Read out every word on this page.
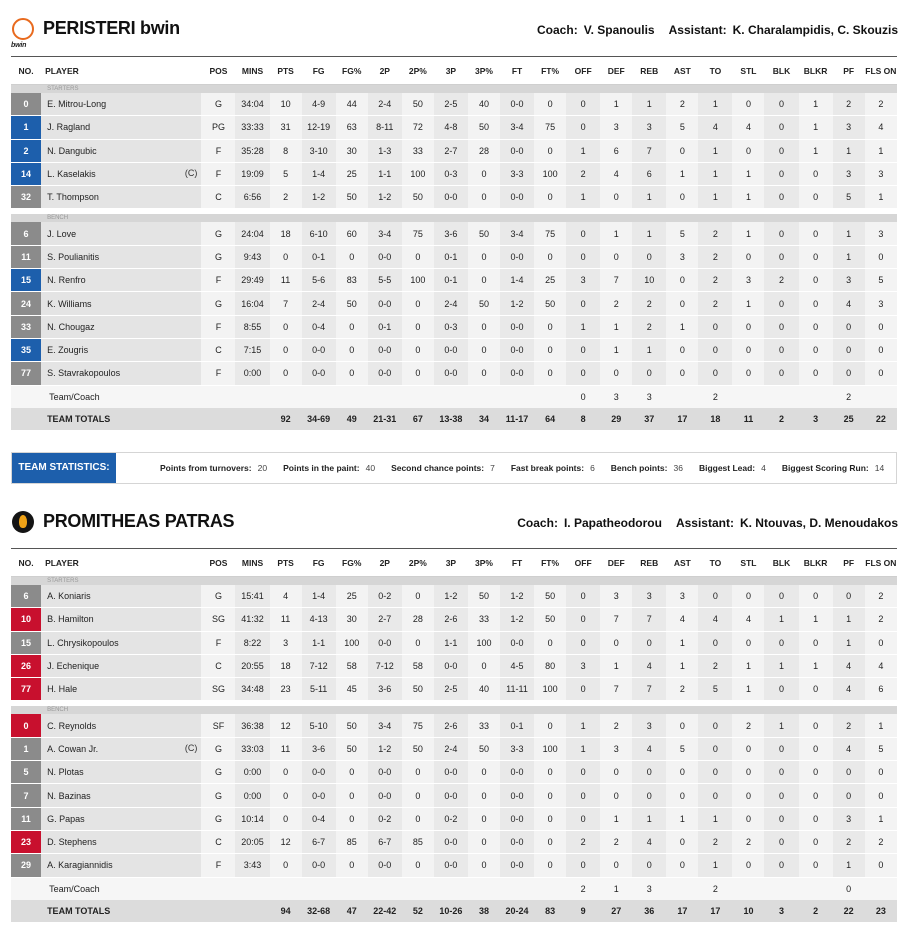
bwin
PERISTERI bwin	Coach: V. Spanoulis Assistant: K. Charalampidis, C. Skouzis
NO.	PLAYER	POS	MINS	PTS	FG	FG%	2P	2P%	3P	3P%	FT	FT%	OFF	DEF	REB	AST	TO	STL	BLK	BLKR	PF	FLS ON
	STARTERS																					

0	E. Mitrou-Long	G	34:04	10	4-9	44	2-4	50	2-5	40	0-0	0	0	1	1	2	1	0	0	1	2	2

1	J. Ragland	PG	33:33	31	12-19	63	8-11	72	4-8	50	3-4	75	0	3	3	5	4	4	0	1	3	4

2	N. Dangubic	F	35:28	8	3-10	30	1-3	33	2-7	28	0-0	0	1	6	7	0	1	0	0	1	1	1

14	L. Kaselakis (C)	F	19:09	5	1-4	25	1-1	100	0-3	0	3-3	100	2	4	6	1	1	1	0	0	3	3

32	T. Thompson	C	6:56	2	1-2	50	1-2	50	0-0	0	0-0	0	1	0	1	0	1	1	0	0	5	1

	BENCH																					

6	J. Love	G	24:04	18	6-10	60	3-4	75	3-6	50	3-4	75	0	1	1	5	2	1	0	0	1	3

11	S. Poulianitis	G	9:43	0	0-1	0	0-0	0	0-1	0	0-0	0	0	0	0	3	2	0	0	0	1	0

15	N. Renfro	F	29:49	11	5-6	83	5-5	100	0-1	0	1-4	25	3	7	10	0	2	3	2	0	3	5

24	K. Williams	G	16:04	7	2-4	50	0-0	0	2-4	50	1-2	50	0	2	2	0	2	1	0	0	4	3

33	N. Chougaz	F	8:55	0	0-4	0	0-1	0	0-3	0	0-0	0	1	1	2	1	0	0	0	0	0	0

35	E. Zougris	C	7:15	0	0-0	0	0-0	0	0-0	0	0-0	0	0	1	1	0	0	0	0	0	0	0

77	S. Stavrakopoulos	F	0:00	0	0-0	0	0-0	0	0-0	0	0-0	0	0	0	0	0	0	0	0	0	0	0
	Team/Coach												0	3	3		2				2	
	TEAM TOTALS			92	34-69	49	21-31	67	13-38	34	11-17	64	8	29	37	17	18	11	2	3	25	22
TEAM STATISTICS:	Points from turnovers: 20 Points in the paint: 40 Second chance points: 7 Fast break points: 6 Bench points: 36 Biggest Lead: 4 Biggest Scoring Run: 14
PROMITHEAS PATRAS	Coach: I. Papatheodorou Assistant: K. Ntouvas, D. Menoudakos
NO.	PLAYER	POS	MINS	PTS	FG	FG%	2P	2P%	3P	3P%	FT	FT%	OFF	DEF	REB	AST	TO	STL	BLK	BLKR	PF	FLS ON
	STARTERS																					

6	A. Koniaris	G	15:41	4	1-4	25	0-2	0	1-2	50	1-2	50	0	3	3	3	0	0	0	0	0	2

10	B. Hamilton	SG	41:32	11	4-13	30	2-7	28	2-6	33	1-2	50	0	7	7	4	4	4	1	1	1	2

15	L. Chrysikopoulos	F	8:22	3	1-1	100	0-0	0	1-1	100	0-0	0	0	0	0	1	0	0	0	0	1	0

26	J. Echenique	C	20:55	18	7-12	58	7-12	58	0-0	0	4-5	80	3	1	4	1	2	1	1	1	4	4

77	H. Hale	SG	34:48	23	5-11	45	3-6	50	2-5	40	11-11	100	0	7	7	2	5	1	0	0	4	6

	BENCH																					

0	C. Reynolds	SF	36:38	12	5-10	50	3-4	75	2-6	33	0-1	0	1	2	3	0	0	2	1	0	2	1

1	A. Cowan Jr. (C)	G	33:03	11	3-6	50	1-2	50	2-4	50	3-3	100	1	3	4	5	0	0	0	0	4	5

5	N. Plotas	G	0:00	0	0-0	0	0-0	0	0-0	0	0-0	0	0	0	0	0	0	0	0	0	0	0

7	N. Bazinas	G	0:00	0	0-0	0	0-0	0	0-0	0	0-0	0	0	0	0	0	0	0	0	0	0	0

11	G. Papas	G	10:14	0	0-4	0	0-2	0	0-2	0	0-0	0	0	1	1	1	1	0	0	0	3	1

23	D. Stephens	C	20:05	12	6-7	85	6-7	85	0-0	0	0-0	0	2	2	4	0	2	2	0	0	2	2

29	A. Karagiannidis	F	3:43	0	0-0	0	0-0	0	0-0	0	0-0	0	0	0	0	0	1	0	0	0	1	0
	Team/Coach												2	1	3		2				0	
	TEAM TOTALS			94	32-68	47	22-42	52	10-26	38	20-24	83	9	27	36	17	17	10	3	2	22	23
